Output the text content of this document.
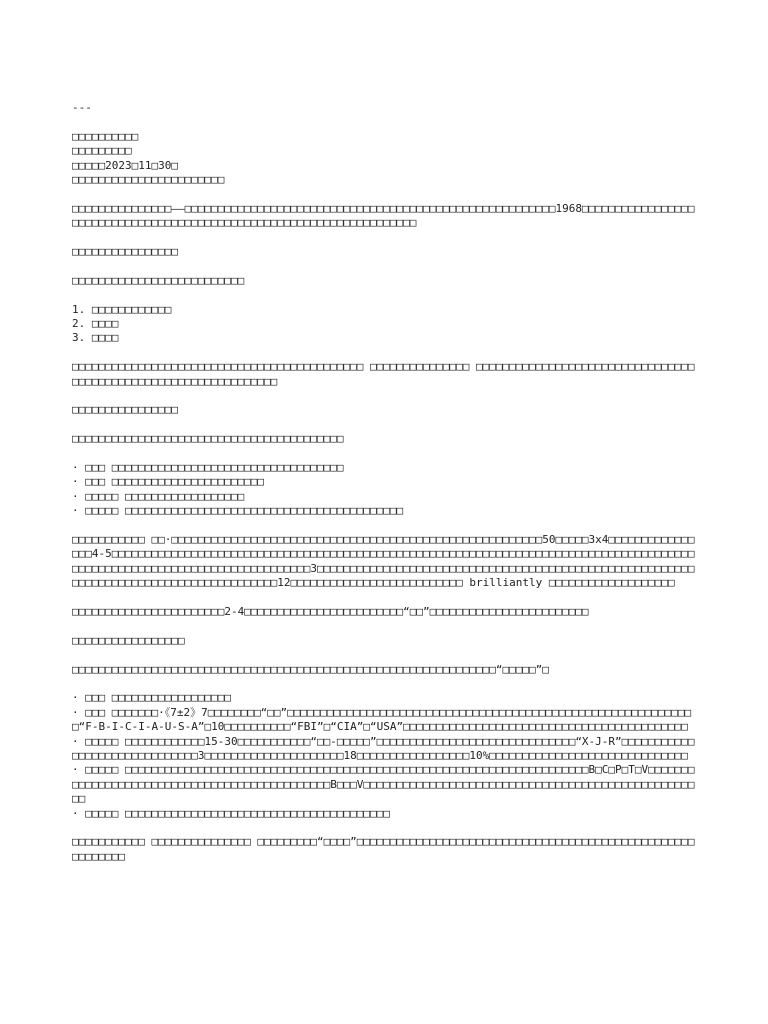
---

□□□□□□□□□□

□□□□□□□□□

□□□□□2023□11□30□

□□□□□□□□□□□□□□□□□□□□□□□

□□□□□□□□□□□□□□□——□□□□□□□□□□□□□□□□□□□□□□□□□□□□□□□□□□□□□□□□□□□□□□□□□□□□□□□□1968□□□□□□□□□□□□□□□□□□□□□□□□□□□□□□□□□□□□□□□□□□□□□□□□□□□□□□□□□□□□□□□□□□□□□

□□□□□□□□□□□□□□□□

□□□□□□□□□□□□□□□□□□□□□□□□□□

1. □□□□□□□□□□□□

2. □□□□

3. □□□□

□□□□□□□□□□□□□□□□□□□□□□□□□□□□□□□□□□□□□□□□□□□□ □□□□□□□□□□□□□□□ □□□□□□□□□□□□□□□□□□□□□□□□□□□□□□□□□□□□□□□□□□□□□□□□□□□□□□□□□□□□□□□□

□□□□□□□□□□□□□□□□

□□□□□□□□□□□□□□□□□□□□□□□□□□□□□□□□□□□□□□□□□

· □□□ □□□□□□□□□□□□□□□□□□□□□□□□□□□□□□□□□□□

· □□□ □□□□□□□□□□□□□□□□□□□□□□□

· □□□□□ □□□□□□□□□□□□□□□□□□

· □□□□□ □□□□□□□□□□□□□□□□□□□□□□□□□□□□□□□□□□□□□□□□□□

□□□□□□□□□□□ □□·□□□□□□□□□□□□□□□□□□□□□□□□□□□□□□□□□□□□□□□□□□□□□□□□□□□□□□□□50□□□□□3x4□□□□□□□□□□□□□□□□4-5□□□□□□□□□□□□□□□□□□□□□□□□□□□□□□□□□□□□□□□□□□□□□□□□□□□□□□□□□□□□□□□□□□□□□□□□□□□□□□□□□□□□□□□□□□□□□□□□□□□□□□□□□□□□□□□□□□□□□□□□□□□□3□□□□□□□□□□□□□□□□□□□□□□□□□□□□□□□□□□□□□□□□□□□□□□□□□□□□□□□□□□□□□□□□□□□□□□□□□□□□□□□□□□□□□□□□12□□□□□□□□□□□□□□□□□□□□□□□□□□ brilliantly □□□□□□□□□□□□□□□□□□□

□□□□□□□□□□□□□□□□□□□□□□□2-4□□□□□□□□□□□□□□□□□□□□□□□□“□□”□□□□□□□□□□□□□□□□□□□□□□□□

□□□□□□□□□□□□□□□□□

□□□□□□□□□□□□□□□□□□□□□□□□□□□□□□□□□□□□□□□□□□□□□□□□□□□□□□□□□□□□□□□□“□□□□□”□

· □□□ □□□□□□□□□□□□□□□□□□

· □□□ □□□□□□□·《7±2》7□□□□□□□□“□□”□□□□□□□□□□□□□□□□□□□□□□□□□□□□□□□□□□□□□□□□□□□□□□□□□□□□□□□□□□□□□□“F-B-I-C-I-A-U-S-A”□10□□□□□□□□□□“FBI”□“CIA”□“USA”□□□□□□□□□□□□□□□□□□□□□□□□□□□□□□□□□□□□□□□□□□□

· □□□□□ □□□□□□□□□□□□15-30□□□□□□□□□□□“□□-□□□□□”□□□□□□□□□□□□□□□□□□□□□□□□□□□□□□“X-J-R”□□□□□□□□□□□□□□□□□□□□□□□□□□□□□□3□□□□□□□□□□□□□□□□□□□□□18□□□□□□□□□□□□□□□□□10%□□□□□□□□□□□□□□□□□□□□□□□□□□□□□□

· □□□□□ □□□□□□□□□□□□□□□□□□□□□□□□□□□□□□□□□□□□□□□□□□□□□□□□□□□□□□□□□□□□□□□□□□□□□□B□C□P□T□V□□□□□□□□□□□□□□□□□□□□□□□□□□□□□□□□□□□□□□□□□□□□□□B□□□V□□□□□□□□□□□□□□□□□□□□□□□□□□□□□□□□□□□□□□□□□□□□□□□□□□□□

· □□□□□ □□□□□□□□□□□□□□□□□□□□□□□□□□□□□□□□□□□□□□□□

□□□□□□□□□□□ □□□□□□□□□□□□□□□ □□□□□□□□□“□□□□”□□□□□□□□□□□□□□□□□□□□□□□□□□□□□□□□□□□□□□□□□□□□□□□□□□□□□□□□□□□
